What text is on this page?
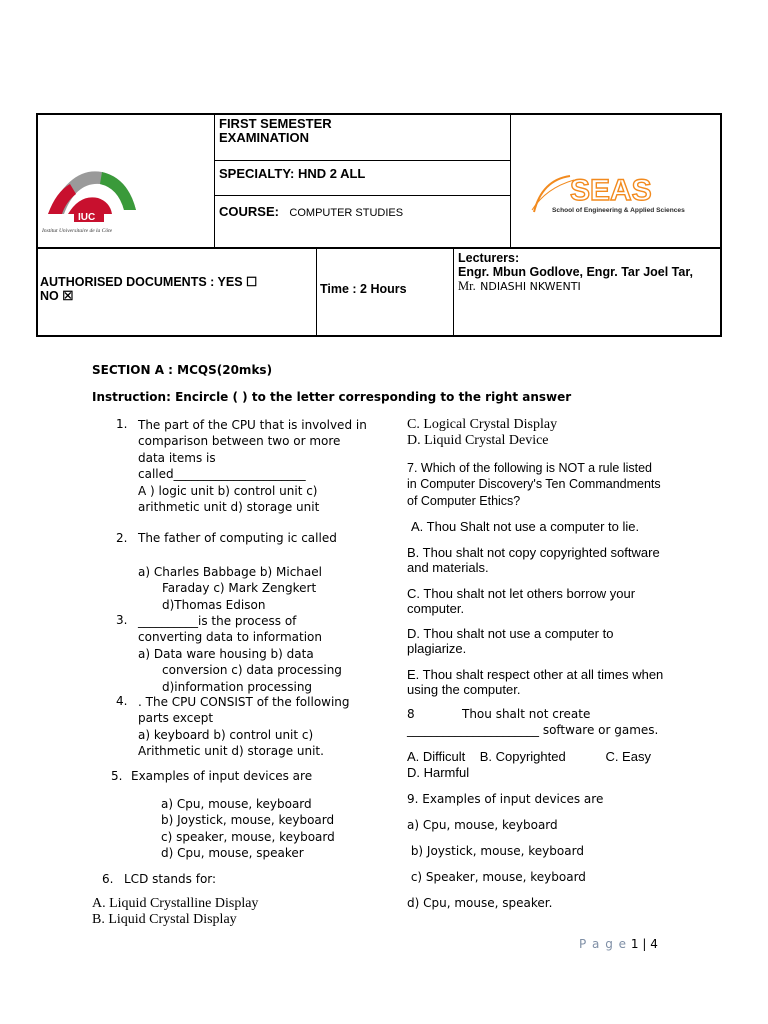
IUC
Institut Universitaire de la Côte
FIRST SEMESTER
EXAMINATION
SPECIALTY: HND 2 ALL
COURSE: COMPUTER STUDIES
SEAS
School of Engineering & Applied Sciences
AUTHORISED DOCUMENTS : YES ☐
NO ☒	Time : 2 Hours
Lecturers:
Engr. Mbun Godlove, Engr. Tar Joel Tar,
Mr. NDIASHI NKWENTI
SECTION A : MCQS(20mks)
Instruction: Encircle ( ) to the letter corresponding to the right answer
1. The part of the CPU that is involved in
comparison between two or more
data items is
called______________________
A ) logic unit b) control unit c)
arithmetic unit d) storage unit
2. The father of computing ic called
a) Charles Babbage b) Michael
Faraday c) Mark Zengkert
d)Thomas Edison
3. __________is the process of
converting data to information
a) Data ware housing b) data
conversion c) data processing
d)information processing
4. . The CPU CONSIST of the following
parts except
a) keyboard b) control unit c)
Arithmetic unit d) storage unit.
5. Examples of input devices are
a) Cpu, mouse, keyboard
b) Joystick, mouse, keyboard
c) speaker, mouse, keyboard
d) Cpu, mouse, speaker
6. LCD stands for:
A. Liquid Crystalline Display
B. Liquid Crystal Display
C. Logical Crystal Display
D. Liquid Crystal Device
7. Which of the following is NOT a rule listed
in Computer Discovery's Ten Commandments
of Computer Ethics?
A. Thou Shalt not use a computer to lie.
B. Thou shalt not copy copyrighted software
and materials.
C. Thou shalt not let others borrow your
computer.
D. Thou shalt not use a computer to
plagiarize.
E. Thou shalt respect other at all times when
using the computer.
8	Thou shalt not create
______________________ software or games.
A. Difficult    B. Copyrighted           C. Easy
D. Harmful
9. Examples of input devices are
a) Cpu, mouse, keyboard
b) Joystick, mouse, keyboard
c) Speaker, mouse, keyboard
d) Cpu, mouse, speaker.
P a g e 1 | 4
